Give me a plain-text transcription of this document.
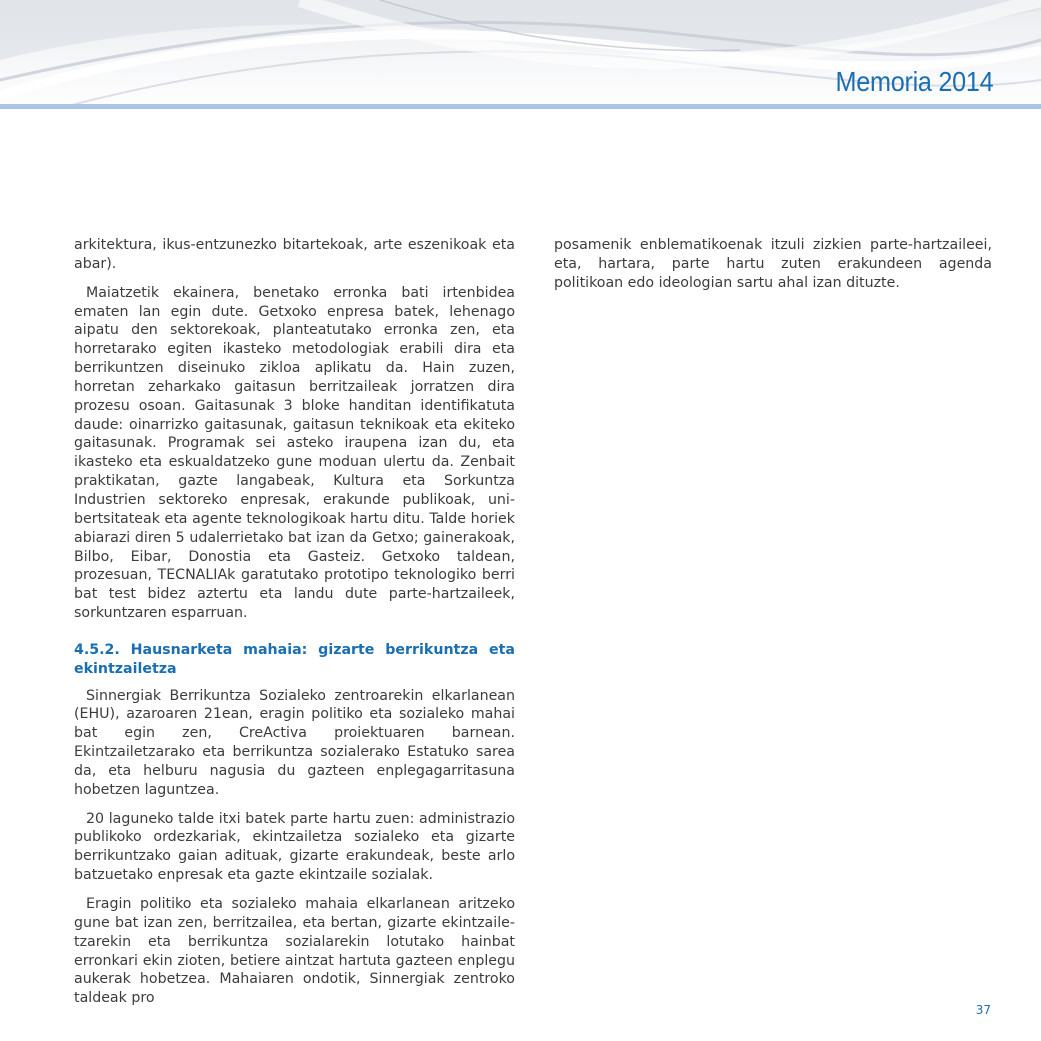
Memoria 2014

arkitektura, ikus-entzunezko bitartekoak, arte eszenikoak eta abar).

Maiatzetik ekainera, benetako erronka bati irtenbidea ematen lan egin dute. Getxoko enpresa batek, lehenago aipatu den sektorekoak, planteatutako erronka zen, eta horretarako egiten ikasteko metodologiak erabili dira eta berrikuntzen diseinuko zikloa aplikatu da. Hain zuzen, horretan zeharkako gaitasun berritzaileak jorratzen dira prozesu osoan. Gaitasunak 3 bloke handitan identifikatuta daude: oinarrizko gaitasunak, gaitasun teknikoak eta ekiteko gaitasunak. Programak sei asteko iraupena izan du, eta ikasteko eta eskualdatzeko gune moduan ulertu da. Zenbait praktikatan, gazte langabeak, Kultura eta Sorkuntza Industrien sektoreko enpresak, erakunde publikoak, unibertsitateak eta agente teknologikoak hartu ditu. Talde horiek abiarazi diren 5 udalerrietako bat izan da Getxo; gainerakoak, Bilbo, Eibar, Donostia eta Gasteiz. Getxoko taldean, prozesuan, TECNALIAk garatutako prototipo teknologiko berri bat test bidez aztertu eta landu dute parte-hartzaileek, sorkuntzaren esparruan.

4.5.2. Hausnarketa mahaia: gizarte berrikuntza eta ekintzailetza

Sinnergiak Berrikuntza Sozialeko zentroarekin elkarlanean (EHU), azaroaren 21ean, eragin politiko eta sozialeko mahai bat egin zen, CreActiva proiektuaren barnean. Ekintzailetzarako eta berrikuntza sozialerako Estatuko sarea da, eta helburu nagusia du gazteen enplegagarritasuna hobetzen laguntzea.

20 laguneko talde itxi batek parte hartu zuen: administrazio publikoko ordezkariak, ekintzailetza sozialeko eta gizarte berrikuntzako gaian adituak, gizarte erakundeak, beste arlo batzuetako enpresak eta gazte ekintzaile sozialak.

Eragin politiko eta sozialeko mahaia elkarlanean aritzeko gune bat izan zen, berritzailea, eta bertan, gizarte ekintzailetzarekin eta berrikuntza sozialarekin lotutako hainbat erronkari ekin zioten, betiere aintzat hartuta gazteen enplegu aukerak hobetzea. Mahaiaren ondotik, Sinnergiak zentroko taldeak pro

posamenik enblematikoenak itzuli zizkien parte-hartzaileei, eta, hartara, parte hartu zuten erakundeen agenda politikoan edo ideologian sartu ahal izan dituzte.

37
